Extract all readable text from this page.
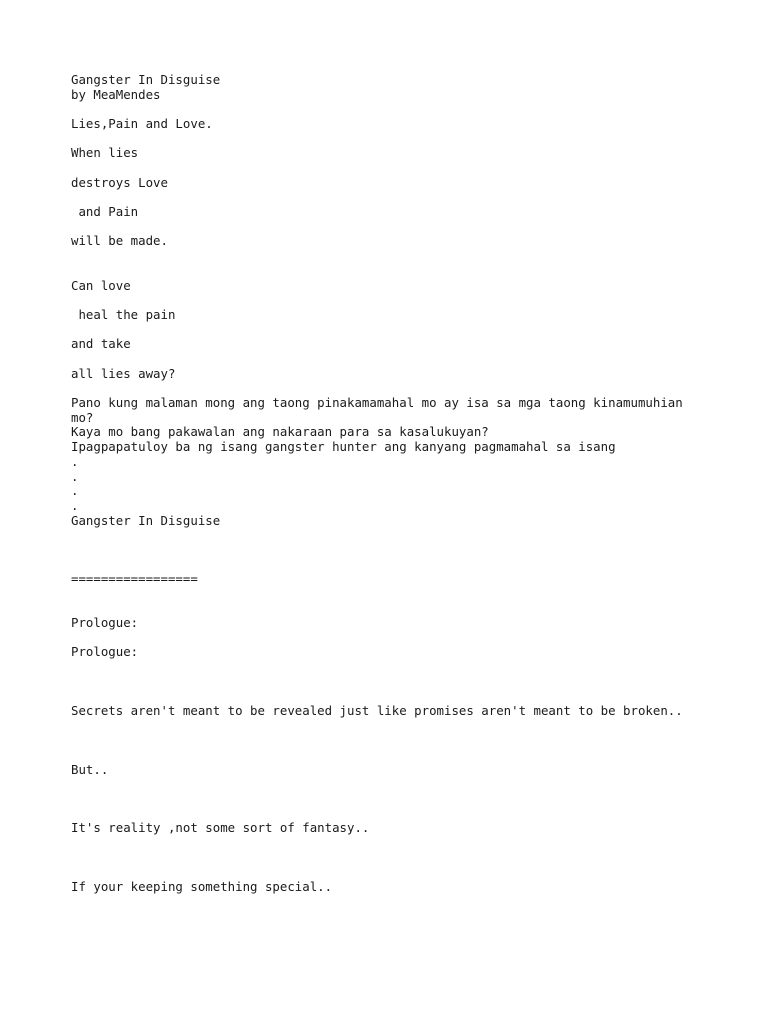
Gangster In Disguise

by MeaMendes

Lies,Pain and Love.

When lies

destroys Love

and Pain

will be made.

Can love

heal the pain

and take

all lies away?

Pano kung malaman mong ang taong pinakamamahal mo ay isa sa mga taong kinamumuhian

mo?

Kaya mo bang pakawalan ang nakaraan para sa kasalukuyan?

Ipagpapatuloy ba ng isang gangster hunter ang kanyang pagmamahal sa isang

.

.

.

.

Gangster In Disguise

=================

Prologue:

Prologue:

Secrets aren't meant to be revealed just like promises aren't meant to be broken..

But..

It's reality ,not some sort of fantasy..

If your keeping something special..
